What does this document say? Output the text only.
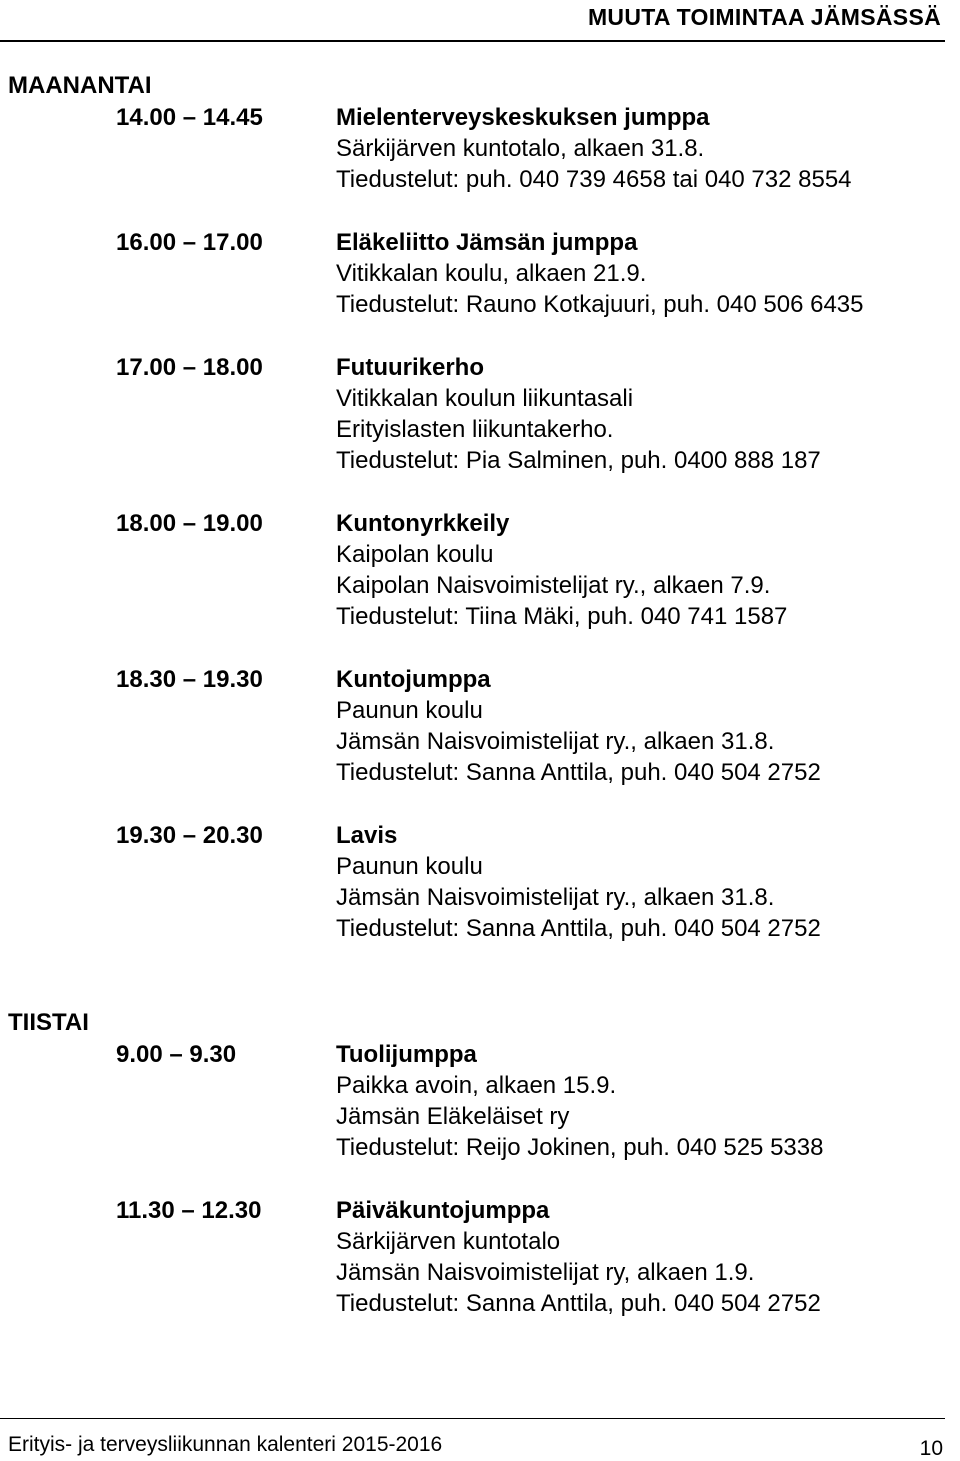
MUUTA TOIMINTAA JÄMSÄSSÄ
MAANANTAI
14.00 – 14.45	Mielenterveyskeskuksen jumppa
Särkijärven kuntotalo, alkaen 31.8.
Tiedustelut: puh. 040 739 4658 tai 040 732 8554
16.00 – 17.00	Eläkeliitto Jämsän jumppa
Vitikkalan koulu, alkaen 21.9.
Tiedustelut: Rauno Kotkajuuri, puh. 040 506 6435
17.00 – 18.00	Futuurikerho
Vitikkalan koulun liikuntasali
Erityislasten liikuntakerho.
Tiedustelut: Pia Salminen, puh. 0400 888 187
18.00 – 19.00	Kuntonyrkkeily
Kaipolan koulu
Kaipolan Naisvoimistelijat ry., alkaen 7.9.
Tiedustelut: Tiina Mäki, puh. 040 741 1587
18.30 – 19.30	Kuntojumppa
Paunun koulu
Jämsän Naisvoimistelijat ry., alkaen 31.8.
Tiedustelut: Sanna Anttila, puh. 040 504 2752
19.30 – 20.30	Lavis
Paunun koulu
Jämsän Naisvoimistelijat ry., alkaen 31.8.
Tiedustelut: Sanna Anttila, puh. 040 504 2752
TIISTAI
9.00 – 9.30	Tuolijumppa
Paikka avoin, alkaen 15.9.
Jämsän Eläkeläiset ry
Tiedustelut: Reijo Jokinen, puh. 040 525 5338
11.30 – 12.30	Päiväkuntojumppa
Särkijärven kuntotalo
Jämsän Naisvoimistelijat ry, alkaen 1.9.
Tiedustelut: Sanna Anttila, puh. 040 504 2752
Erityis- ja terveysliikunnan kalenteri 2015-2016	10
